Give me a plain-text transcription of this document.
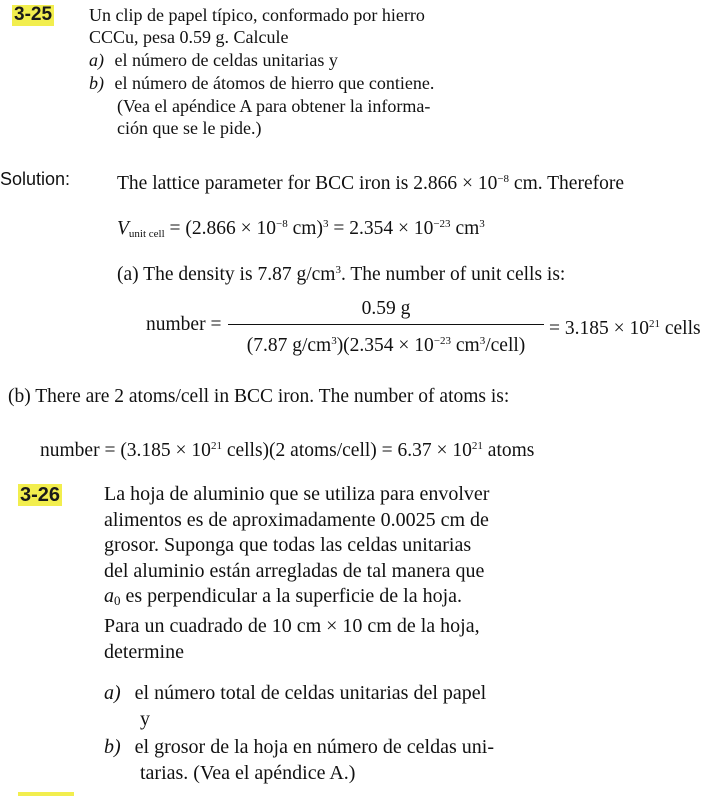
3-25 Un clip de papel típico, conformado por hierro
CCCu, pesa 0.59 g. Calcule
a) el número de celdas unitarias y
b) el número de átomos de hierro que contiene.
(Vea el apéndice A para obtener la informa-
ción que se le pide.)
Solution: The lattice parameter for BCC iron is $2.866 \times 10^{-8}$ cm. Therefore
$V_{unit cell} = (2.866 \times 10^{-8}$ $cm)^3 = 2.354 \times 10^{-23}$ $cm^3$
(a) The density is 7.87 $g/cm^3$. The number of unit cells is:
number =
0.59 g
(7.87 $g/cm^3)(2.354 \times 10^{-23}$ $cm^3/cell$)
= $3.185 \times 10^{21}$ cells
(b) There are 2 atoms/cell in BCC iron. The number of atoms is:
number = ($3.185 \times 10^{21}$ cells)(2 atoms/cell) = $6.37 \times 10^{21}$ atoms
3-26 La hoja de aluminio que se utiliza para envolver
alimentos es de aproximadamente 0.0025 cm de
grosor. Suponga que todas las celdas unitarias
del aluminio están arregladas de tal manera que
$a_0$ es perpendicular a la superficie de la hoja.
Para un cuadrado de 10 cm × 10 cm de la hoja,
determine
a) el número total de celdas unitarias del papel
y
b) el grosor de la hoja en número de celdas uni-
tarias. (Vea el apéndice A.)
